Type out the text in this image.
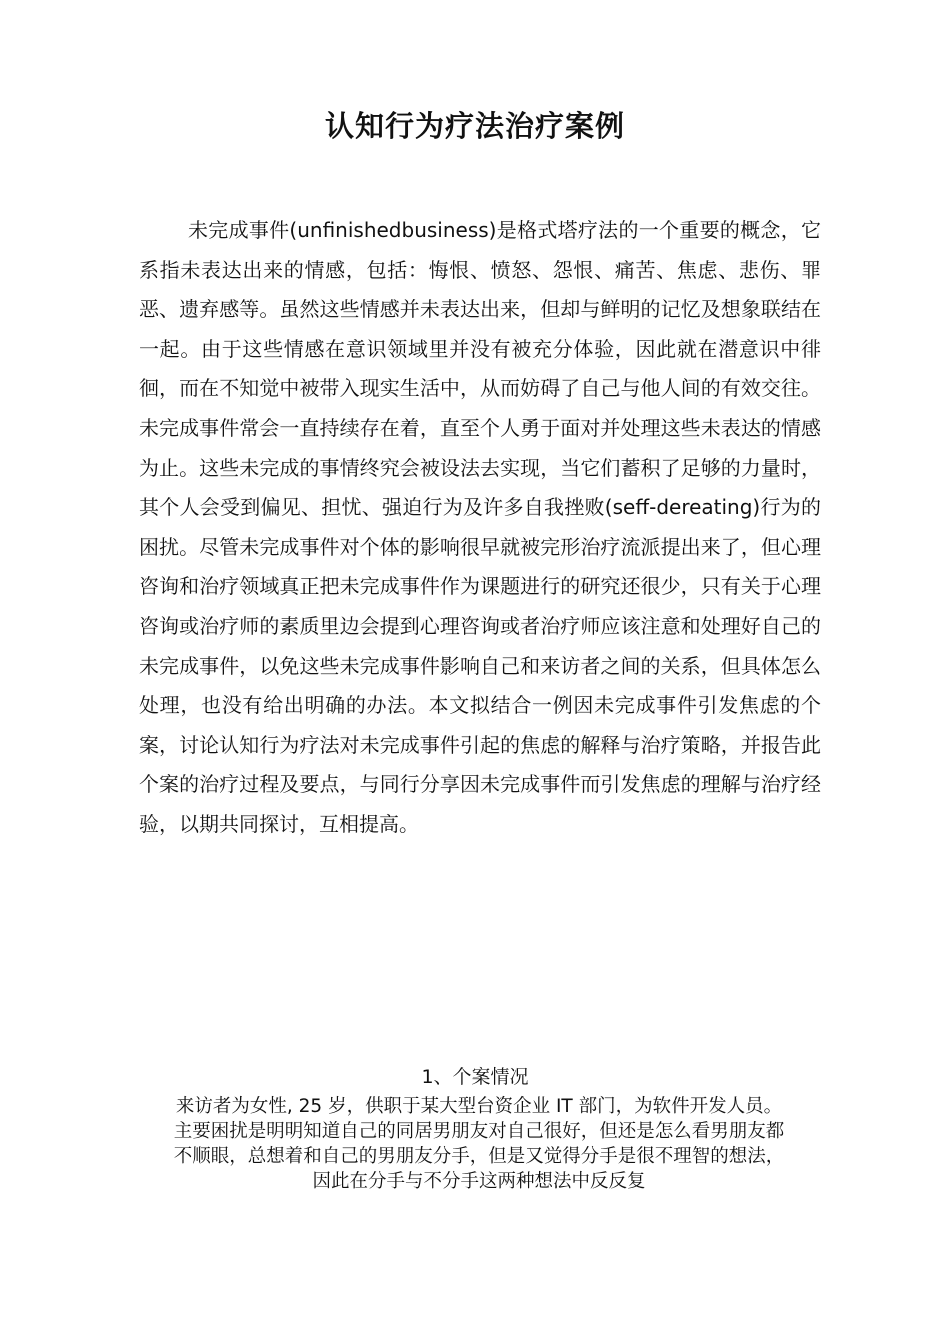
认知行为疗法治疗案例

未完成事件(unfinishedbusiness)是格式塔疗法的一个重要的概念，它系指未表达出来的情感，包括：悔恨、愤怒、怨恨、痛苦、焦虑、悲伤、罪恶、遗弃感等。虽然这些情感并未表达出来，但却与鲜明的记忆及想象联结在一起。由于这些情感在意识领域里并没有被充分体验，因此就在潜意识中徘徊，而在不知觉中被带入现实生活中，从而妨碍了自己与他人间的有效交往。未完成事件常会一直持续存在着，直至个人勇于面对并处理这些未表达的情感为止。这些未完成的事情终究会被设法去实现，当它们蓄积了足够的力量时，其个人会受到偏见、担忧、强迫行为及许多自我挫败(seff-dereating)行为的困扰。尽管未完成事件对个体的影响很早就被完形治疗流派提出来了，但心理咨询和治疗领域真正把未完成事件作为课题进行的研究还很少，只有关于心理咨询或治疗师的素质里边会提到心理咨询或者治疗师应该注意和处理好自己的未完成事件，以免这些未完成事件影响自己和来访者之间的关系，但具体怎么处理，也没有给出明确的办法。本文拟结合一例因未完成事件引发焦虑的个案，讨论认知行为疗法对未完成事件引起的焦虑的解释与治疗策略，并报告此个案的治疗过程及要点，与同行分享因未完成事件而引发焦虑的理解与治疗经验，以期共同探讨，互相提高。

1、个案情况

来访者为女性, 25 岁，供职于某大型台资企业 IT 部门，为软件开发人员。主要困扰是明明知道自己的同居男朋友对自己很好，但还是怎么看男朋友都不顺眼，总想着和自己的男朋友分手，但是又觉得分手是很不理智的想法，因此在分手与不分手这两种想法中反反复
